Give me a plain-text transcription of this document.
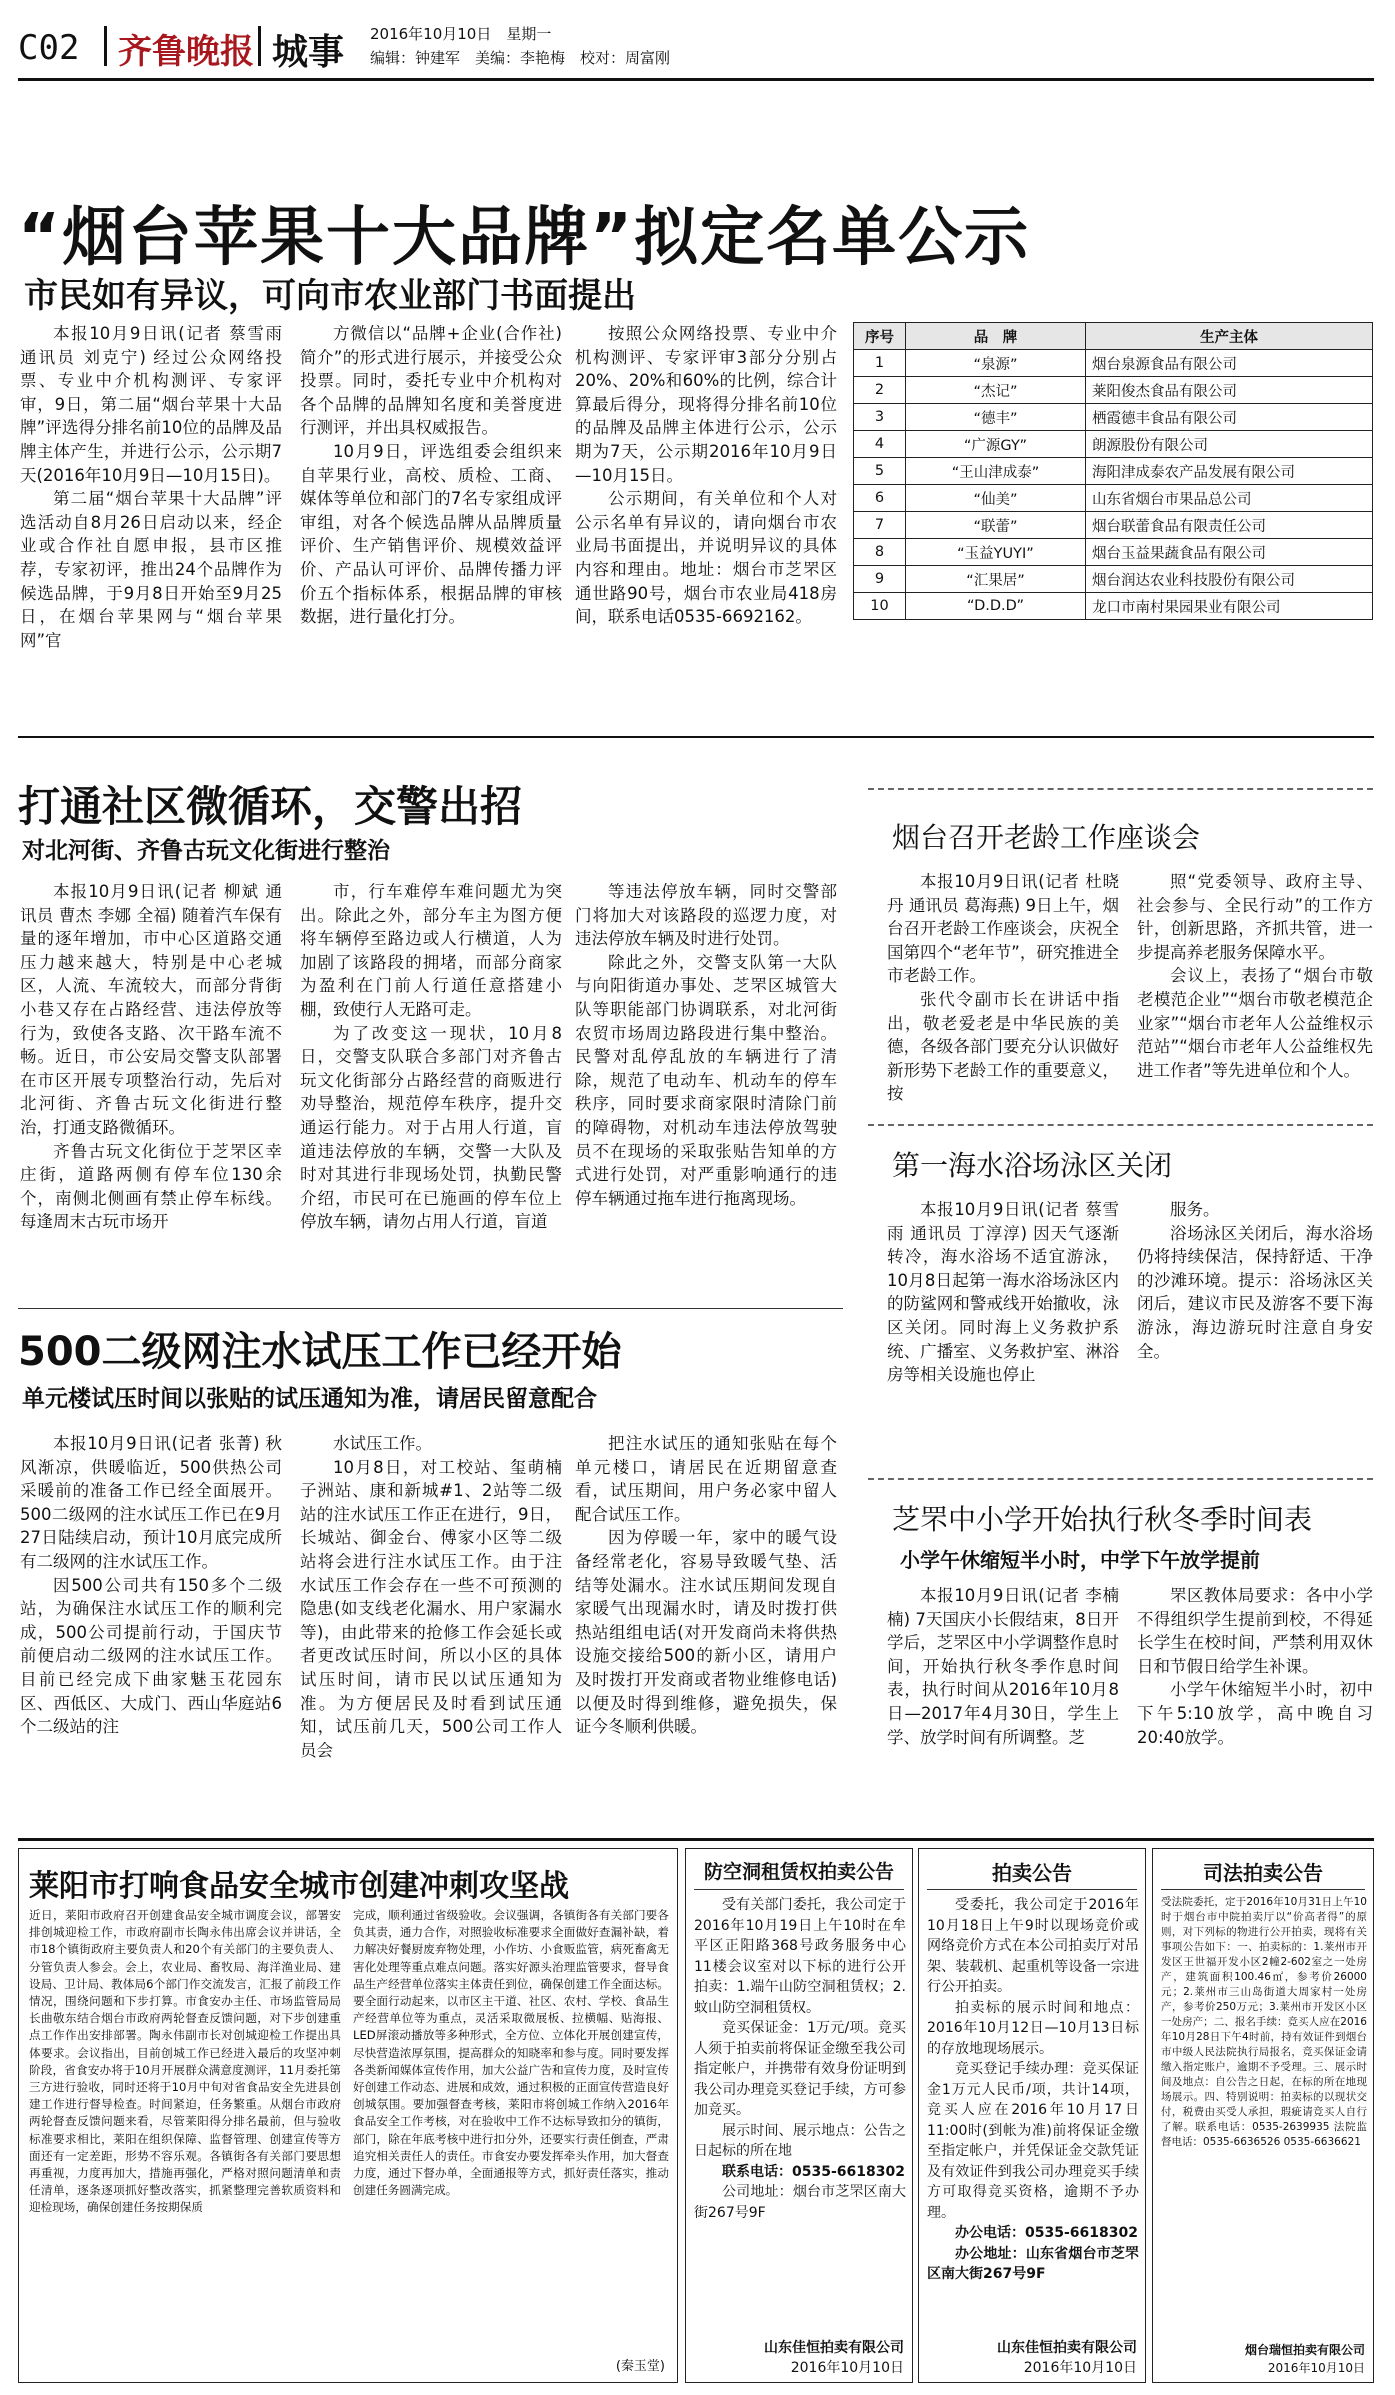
C02 齐鲁晚报 城事 2016年10月10日　星期一
编辑：钟建军　美编：李艳梅　校对：周富刚
“烟台苹果十大品牌”拟定名单公示
市民如有异议，可向市农业部门书面提出

本报10月9日讯(记者 蔡雪雨 通讯员 刘克宁) 经过公众网络投票、专业中介机构测评、专家评审，9日，第二届“烟台苹果十大品牌”评选得分排名前10位的品牌及品牌主体产生，并进行公示，公示期7天(2016年10月9日—10月15日)。

第二届“烟台苹果十大品牌”评选活动自8月26日启动以来，经企业或合作社自愿申报，县市区推荐，专家初评，推出24个品牌作为候选品牌，于9月8日开始至9月25日，在烟台苹果网与“烟台苹果网”官

方微信以“品牌+企业(合作社)简介”的形式进行展示，并接受公众投票。同时，委托专业中介机构对各个品牌的品牌知名度和美誉度进行测评，并出具权威报告。

10月9日，评选组委会组织来自苹果行业，高校、质检、工商、媒体等单位和部门的7名专家组成评审组，对各个候选品牌从品牌质量评价、生产销售评价、规模效益评价、产品认可评价、品牌传播力评价五个指标体系，根据品牌的审核数据，进行量化打分。

按照公众网络投票、专业中介机构测评、专家评审3部分分别占20%、20%和60%的比例，综合计算最后得分，现将得分排名前10位的品牌及品牌主体进行公示，公示期为7天，公示期2016年10月9日—10月15日。

公示期间，有关单位和个人对公示名单有异议的，请向烟台市农业局书面提出，并说明异议的具体内容和理由。地址：烟台市芝罘区通世路90号，烟台市农业局418房间，联系电话0535-6692162。

序号	品　牌	生产主体
1	“泉源”	烟台泉源食品有限公司
2	“杰记”	莱阳俊杰食品有限公司
3	“德丰”	栖霞德丰食品有限公司
4	“广源GY”	朗源股份有限公司
5	“王山津成泰”	海阳津成泰农产品发展有限公司
6	“仙美”	山东省烟台市果品总公司
7	“联蕾”	烟台联蕾食品有限责任公司
8	“玉益YUYI”	烟台玉益果蔬食品有限公司
9	“汇果居”	烟台润达农业科技股份有限公司
10	“D.D.D”	龙口市南村果园果业有限公司
打通社区微循环，交警出招
对北河街、齐鲁古玩文化街进行整治

本报10月9日讯(记者 柳斌 通讯员 曹杰 李娜 全福) 随着汽车保有量的逐年增加，市中心区道路交通压力越来越大，特别是中心老城区，人流、车流较大，而部分背街小巷又存在占路经营、违法停放等行为，致使各支路、次干路车流不畅。近日，市公安局交警支队部署在市区开展专项整治行动，先后对北河街、齐鲁古玩文化街进行整治，打通支路微循环。

齐鲁古玩文化街位于芝罘区幸庄街，道路两侧有停车位130余个，南侧北侧画有禁止停车标线。每逢周末古玩市场开

市，行车难停车难问题尤为突出。除此之外，部分车主为图方便将车辆停至路边或人行横道，人为加剧了该路段的拥堵，而部分商家为盈利在门前人行道任意搭建小棚，致使行人无路可走。

为了改变这一现状，10月8日，交警支队联合多部门对齐鲁古玩文化街部分占路经营的商贩进行劝导整治，规范停车秩序，提升交通运行能力。对于占用人行道，盲道违法停放的车辆，交警一大队及时对其进行非现场处罚，执勤民警介绍，市民可在已施画的停车位上停放车辆，请勿占用人行道，盲道

等违法停放车辆，同时交警部门将加大对该路段的巡逻力度，对违法停放车辆及时进行处罚。

除此之外，交警支队第一大队与向阳街道办事处、芝罘区城管大队等职能部门协调联系，对北河街农贸市场周边路段进行集中整治。民警对乱停乱放的车辆进行了清除，规范了电动车、机动车的停车秩序，同时要求商家限时清除门前的障碍物，对机动车违法停放驾驶员不在现场的采取张贴告知单的方式进行处罚，对严重影响通行的违停车辆通过拖车进行拖离现场。

500二级网注水试压工作已经开始
单元楼试压时间以张贴的试压通知为准，请居民留意配合

本报10月9日讯(记者 张菁) 秋风渐凉，供暖临近，500供热公司采暖前的准备工作已经全面展开。500二级网的注水试压工作已在9月27日陆续启动，预计10月底完成所有二级网的注水试压工作。

因500公司共有150多个二级站，为确保注水试压工作的顺利完成，500公司提前行动，于国庆节前便启动二级网的注水试压工作。目前已经完成下曲家魅玉花园东区、西低区、大成门、西山华庭站6个二级站的注

水试压工作。

10月8日，对工校站、玺萌楠子洲站、康和新城#1、2站等二级站的注水试压工作正在进行，9日，长城站、御金台、傅家小区等二级站将会进行注水试压工作。由于注水试压工作会存在一些不可预测的隐患(如支线老化漏水、用户家漏水等)，由此带来的抢修工作会延长或者更改试压时间，所以小区的具体试压时间，请市民以试压通知为准。为方便居民及时看到试压通知，试压前几天，500公司工作人员会

把注水试压的通知张贴在每个单元楼口，请居民在近期留意查看，试压期间，用户务必家中留人配合试压工作。

因为停暖一年，家中的暖气设备经常老化，容易导致暖气垫、活结等处漏水。注水试压期间发现自家暖气出现漏水时，请及时拨打供热站组组电话(对开发商尚未将供热设施交接给500的新小区，请用户及时拨打开发商或者物业维修电话)以便及时得到维修，避免损失，保证今冬顺利供暖。

烟台召开老龄工作座谈会

本报10月9日讯(记者 杜晓丹 通讯员 葛海燕) 9日上午，烟台召开老龄工作座谈会，庆祝全国第四个“老年节”，研究推进全市老龄工作。

张代令副市长在讲话中指出，敬老爱老是中华民族的美德，各级各部门要充分认识做好新形势下老龄工作的重要意义，按

照“党委领导、政府主导、社会参与、全民行动”的工作方针，创新思路，齐抓共管，进一步提高养老服务保障水平。

会议上，表扬了“烟台市敬老模范企业”“烟台市敬老模范企业家”“烟台市老年人公益维权示范站”“烟台市老年人公益维权先进工作者”等先进单位和个人。

第一海水浴场泳区关闭

本报10月9日讯(记者 蔡雪雨 通讯员 丁淳淳) 因天气逐渐转冷，海水浴场不适宜游泳，10月8日起第一海水浴场泳区内的防鲨网和警戒线开始撤收，泳区关闭。同时海上义务救护系统、广播室、义务救护室、淋浴房等相关设施也停止

服务。

浴场泳区关闭后，海水浴场仍将持续保洁，保持舒适、干净的沙滩环境。提示：浴场泳区关闭后，建议市民及游客不要下海游泳，海边游玩时注意自身安全。

芝罘中小学开始执行秋冬季时间表
小学午休缩短半小时，中学下午放学提前

本报10月9日讯(记者 李楠楠) 7天国庆小长假结束，8日开学后，芝罘区中小学调整作息时间，开始执行秋冬季作息时间表，执行时间从2016年10月8日—2017年4月30日，学生上学、放学时间有所调整。芝

罘区教体局要求：各中小学不得组织学生提前到校，不得延长学生在校时间，严禁利用双休日和节假日给学生补课。

小学午休缩短半小时，初中下午5:10放学，高中晚自习20:40放学。

莱阳市打响食品安全城市创建冲刺攻坚战
近日，莱阳市政府召开创建食品安全城市调度会议，部署安排创城迎检工作，市政府副市长陶永伟出席会议并讲话，全市18个镇街政府主要负责人和20个有关部门的主要负责人、分管负责人参会。会上，农业局、畜牧局、海洋渔业局、建设局、卫计局、教体局6个部门作交流发言，汇报了前段工作情况，围绕问题和下步打算。市食安办主任、市场监管局局长曲敬东结合烟台市政府两轮督查反馈问题，对下步创建重点工作作出安排部署。陶永伟副市长对创城迎检工作提出具体要求。会议指出，目前创城工作已经进入最后的攻坚冲刺阶段，省食安办将于10月开展群众满意度测评，11月委托第三方进行验收，同时还将于10月中旬对省食品安全先进县创建工作进行督导检查。时间紧迫，任务繁重。从烟台市政府两轮督查反馈问题来看，尽管莱阳得分排名最前，但与验收标准要求相比，莱阳在组织保障、监督管理、创建宣传等方面还有一定差距，形势不容乐观。各镇街各有关部门要思想再重视，力度再加大，措施再强化，严格对照问题清单和责任清单，逐条逐项抓好整改落实，抓紧整理完善软质资料和迎检现场，确保创建任务按期保质
完成，顺利通过省级验收。会议强调，各镇街各有关部门要各负其责，通力合作，对照验收标准要求全面做好查漏补缺，着力解决好餐厨废弃物处理，小作坊、小食贩监管，病死畜禽无害化处理等重点难点问题。落实好源头治理监管要求，督导食品生产经营单位落实主体责任到位，确保创建工作全面达标。要全面行动起来，以市区主干道、社区、农村、学校、食品生产经营单位等为重点，灵活采取微展板、拉横幅、贴海报、LED屏滚动播放等多种形式，全方位、立体化开展创建宣传，尽快营造浓厚氛围，提高群众的知晓率和参与度。同时要发挥各类新闻媒体宣传作用，加大公益广告和宣传力度，及时宣传好创建工作动态、进展和成效，通过积极的正面宣传营造良好创城氛围。要加强督查考核，莱阳市将创城工作纳入2016年食品安全工作考核，对在验收中工作不达标导致扣分的镇街，部门，除在年底考核中进行扣分外，还要实行责任倒查，严肃追究相关责任人的责任。市食安办要发挥牵头作用，加大督查力度，通过下督办单，全面通报等方式，抓好责任落实，推动创建任务圆满完成。
(秦玉堂)
防空洞租赁权拍卖公告

受有关部门委托，我公司定于2016年10月19日上午10时在牟平区正阳路368号政务服务中心11楼会议室对以下标的进行公开拍卖：1.端午山防空洞租赁权；2.蚊山防空洞租赁权。

竞买保证金：1万元/项。竞买人须于拍卖前将保证金缴至我公司指定帐户，并携带有效身份证明到我公司办理竞买登记手续，方可参加竞买。

展示时间、展示地点：公告之日起标的所在地

联系电话：0535-6618302

公司地址：烟台市芝罘区南大街267号9F

山东佳恒拍卖有限公司
2016年10月10日
拍卖公告

受委托，我公司定于2016年10月18日上午9时以现场竞价或网络竞价方式在本公司拍卖厅对吊架、装载机、起重机等设备一宗进行公开拍卖。

拍卖标的展示时间和地点：2016年10月12日—10月13日标的存放地现场展示。

竞买登记手续办理：竞买保证金1万元人民币/项，共计14项，竞买人应在2016年10月17日11:00时(到帐为准)前将保证金缴至指定帐户，并凭保证金交款凭证及有效证件到我公司办理竞买手续方可取得竞买资格，逾期不予办理。

办公电话：0535-6618302

办公地址：山东省烟台市芝罘区南大街267号9F

山东佳恒拍卖有限公司
2016年10月10日
司法拍卖公告
受法院委托，定于2016年10月31日上午10时于烟台市中院拍卖厅以“价高者得”的原则，对下列标的物进行公开拍卖，现将有关事项公告如下：一、拍卖标的：1.莱州市开发区王世福开发小区2幢2-602室之一处房产，建筑面积100.46㎡，参考价26000元；2.莱州市三山岛街道大周家村一处房产，参考价250万元；3.莱州市开发区小区一处房产；二、报名手续：竞买人应在2016年10月28日下午4时前，持有效证件到烟台市中级人民法院执行局报名，竞买保证金请缴入指定账户，逾期不予受理。三、展示时间及地点：自公告之日起，在标的所在地现场展示。四、特别说明：拍卖标的以现状交付，税费由买受人承担，瑕疵请竞买人自行了解。联系电话：0535-2639935 法院监督电话：0535-6636526 0535-6636621
烟台瑞恒拍卖有限公司
2016年10月10日
